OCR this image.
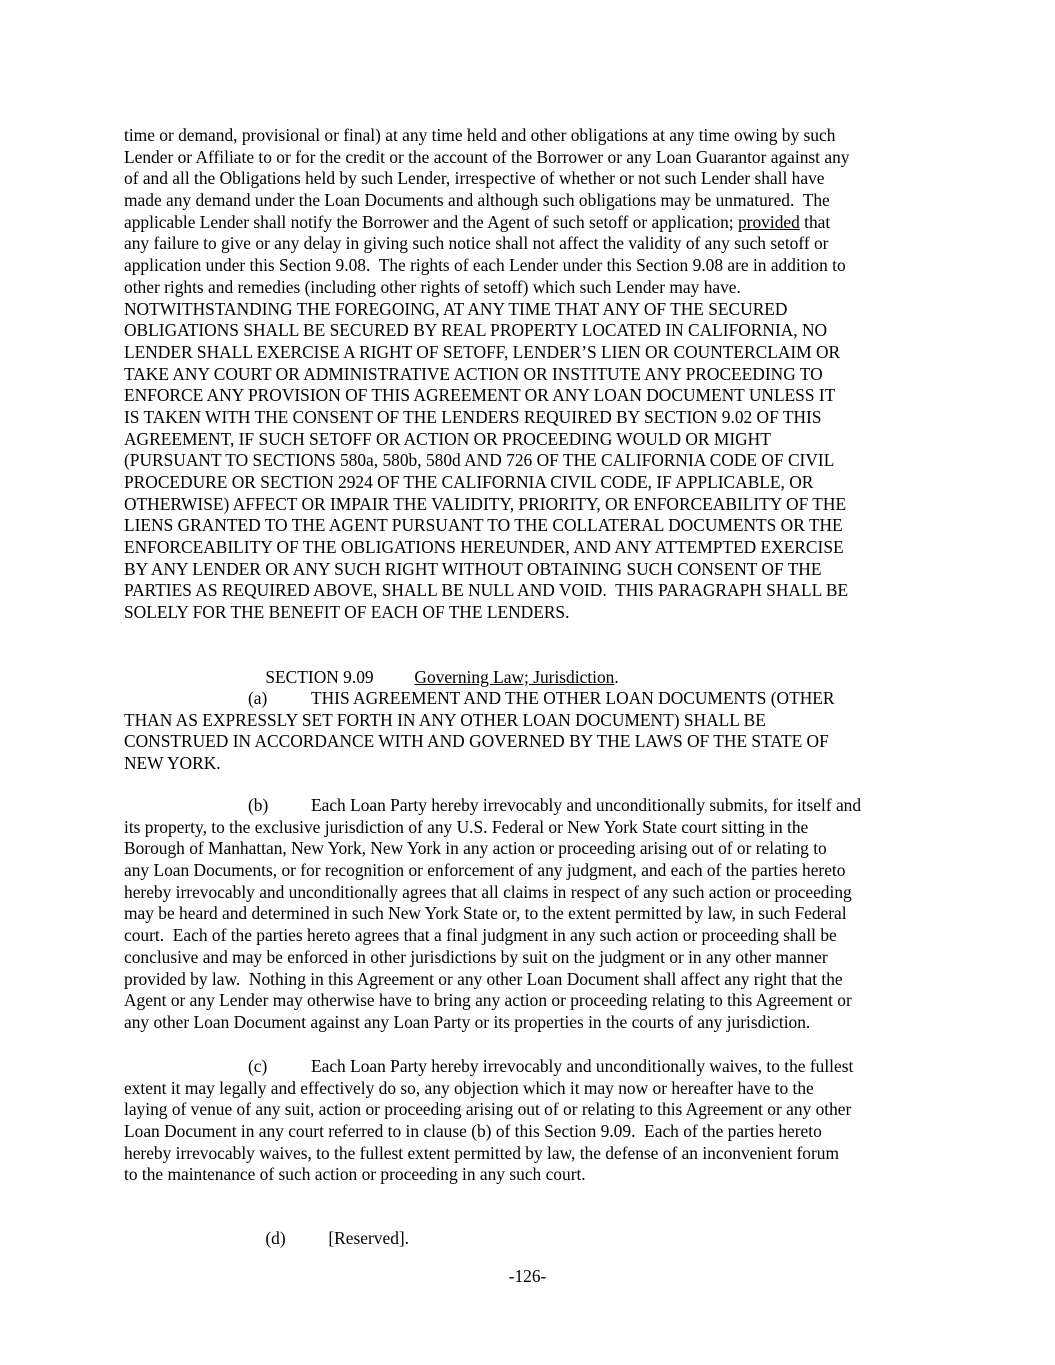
time or demand, provisional or final) at any time held and other obligations at any time owing by such
Lender or Affiliate to or for the credit or the account of the Borrower or any Loan Guarantor against any
of and all the Obligations held by such Lender, irrespective of whether or not such Lender shall have
made any demand under the Loan Documents and although such obligations may be unmatured.  The
applicable Lender shall notify the Borrower and the Agent of such setoff or application; provided that
any failure to give or any delay in giving such notice shall not affect the validity of any such setoff or
application under this Section 9.08.  The rights of each Lender under this Section 9.08 are in addition to
other rights and remedies (including other rights of setoff) which such Lender may have.
NOTWITHSTANDING THE FOREGOING, AT ANY TIME THAT ANY OF THE SECURED
OBLIGATIONS SHALL BE SECURED BY REAL PROPERTY LOCATED IN CALIFORNIA, NO
LENDER SHALL EXERCISE A RIGHT OF SETOFF, LENDER’S LIEN OR COUNTERCLAIM OR
TAKE ANY COURT OR ADMINISTRATIVE ACTION OR INSTITUTE ANY PROCEEDING TO
ENFORCE ANY PROVISION OF THIS AGREEMENT OR ANY LOAN DOCUMENT UNLESS IT
IS TAKEN WITH THE CONSENT OF THE LENDERS REQUIRED BY SECTION 9.02 OF THIS
AGREEMENT, IF SUCH SETOFF OR ACTION OR PROCEEDING WOULD OR MIGHT
(PURSUANT TO SECTIONS 580a, 580b, 580d AND 726 OF THE CALIFORNIA CODE OF CIVIL
PROCEDURE OR SECTION 2924 OF THE CALIFORNIA CIVIL CODE, IF APPLICABLE, OR
OTHERWISE) AFFECT OR IMPAIR THE VALIDITY, PRIORITY, OR ENFORCEABILITY OF THE
LIENS GRANTED TO THE AGENT PURSUANT TO THE COLLATERAL DOCUMENTS OR THE
ENFORCEABILITY OF THE OBLIGATIONS HEREUNDER, AND ANY ATTEMPTED EXERCISE
BY ANY LENDER OR ANY SUCH RIGHT WITHOUT OBTAINING SUCH CONSENT OF THE
PARTIES AS REQUIRED ABOVE, SHALL BE NULL AND VOID.  THIS PARAGRAPH SHALL BE
SOLELY FOR THE BENEFIT OF EACH OF THE LENDERS.

SECTION 9.09 Governing Law; Jurisdiction.

(a)	THIS AGREEMENT AND THE OTHER LOAN DOCUMENTS (OTHER
THAN AS EXPRESSLY SET FORTH IN ANY OTHER LOAN DOCUMENT) SHALL BE
CONSTRUED IN ACCORDANCE WITH AND GOVERNED BY THE LAWS OF THE STATE OF
NEW YORK.
(b) Each Loan Party hereby irrevocably and unconditionally submits, for itself and
its property, to the exclusive jurisdiction of any U.S. Federal or New York State court sitting in the
Borough of Manhattan, New York, New York in any action or proceeding arising out of or relating to
any Loan Documents, or for recognition or enforcement of any judgment, and each of the parties hereto
hereby irrevocably and unconditionally agrees that all claims in respect of any such action or proceeding
may be heard and determined in such New York State or, to the extent permitted by law, in such Federal
court.  Each of the parties hereto agrees that a final judgment in any such action or proceeding shall be
conclusive and may be enforced in other jurisdictions by suit on the judgment or in any other manner
provided by law.  Nothing in this Agreement or any other Loan Document shall affect any right that the
Agent or any Lender may otherwise have to bring any action or proceeding relating to this Agreement or
any other Loan Document against any Loan Party or its properties in the courts of any jurisdiction.
(c)	Each Loan Party hereby irrevocably and unconditionally waives, to the fullest
extent it may legally and effectively do so, any objection which it may now or hereafter have to the
laying of venue of any suit, action or proceeding arising out of or relating to this Agreement or any other
Loan Document in any court referred to in clause (b) of this Section 9.09.  Each of the parties hereto
hereby irrevocably waives, to the fullest extent permitted by law, the defense of an inconvenient forum
to the maintenance of such action or proceeding in any such court.

(d) [Reserved].

-126-
